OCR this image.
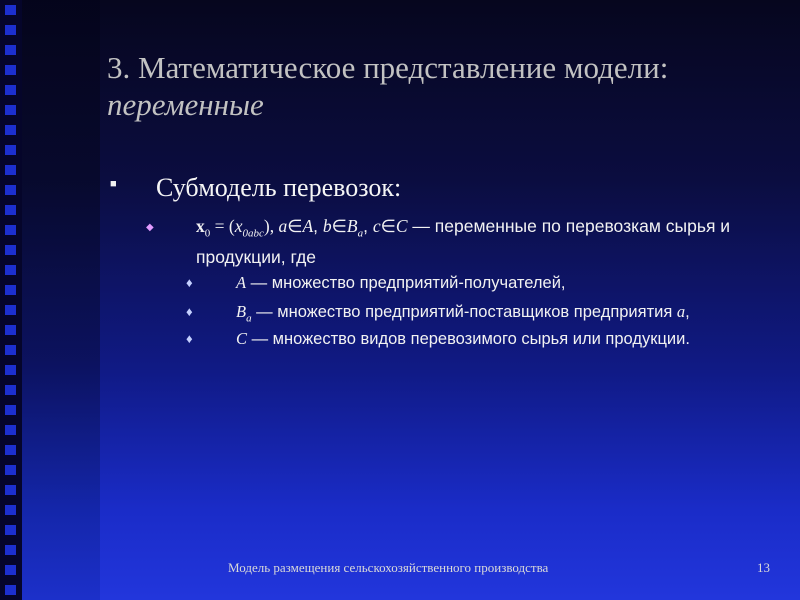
3. Математическое представление модели:
переменные
■ Субмодель перевозок:
◆ $x_0 = (x_{0abc})$, a∈A, $b\in B_a$, c∈C — переменные по перевозкам сырья и продукции, где
♦	A — множество предприятий-получателей,
♦	$B_a$ — множество предприятий-поставщиков предприятия a,
♦	C — множество видов перевозимого сырья или продукции.
Модель размещения сельскохозяйственного производства	13
